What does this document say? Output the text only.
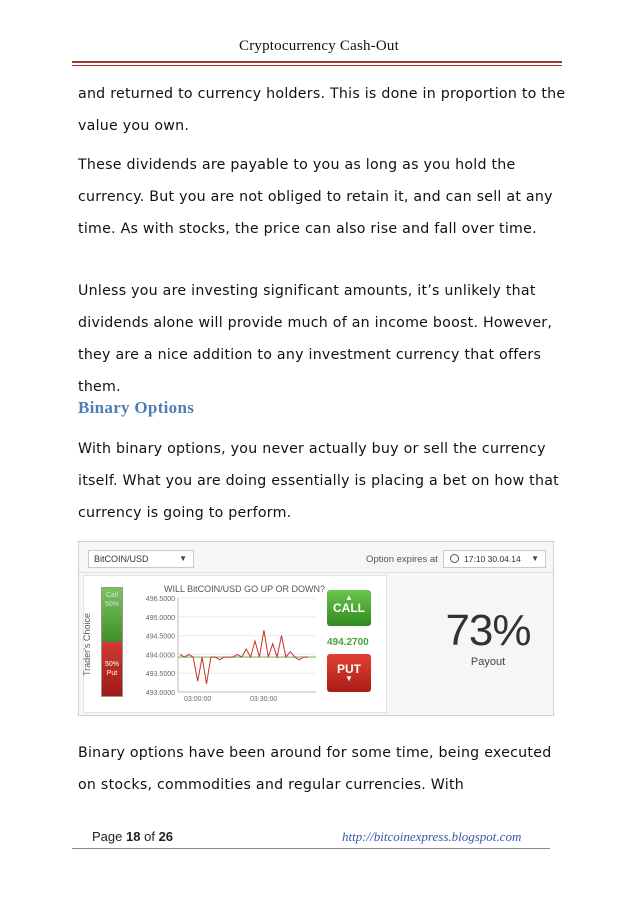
Cryptocurrency Cash-Out

and returned to currency holders. This is done in proportion to the value you own.

These dividends are payable to you as long as you hold the currency. But you are not obliged to retain it, and can sell at any time. As with stocks, the price can also rise and fall over time.

Unless you are investing significant amounts, it’s unlikely that dividends alone will provide much of an income boost. However, they are a nice addition to any investment currency that offers them.

Binary Options

With binary options, you never actually buy or sell the currency itself. What you are doing essentially is placing a bet on how that currency is going to perform.

BitCOIN/USD	▼	Option expires at	17:10 30.04.14 ▼
Trader's Choice
Call
50%
50%
Put
WILL BitCOIN/USD GO UP OR DOWN?
496.5000
495.0000
494.5000
494.0000
493.5000
493.0000
03:00:00	03:30:00
▲
CALL
494.2700
PUT
▼
73%
Payout

Binary options have been around for some time, being executed on stocks, commodities and regular currencies. With

Page 18 of 26	http://bitcoinexpress.blogspot.com
